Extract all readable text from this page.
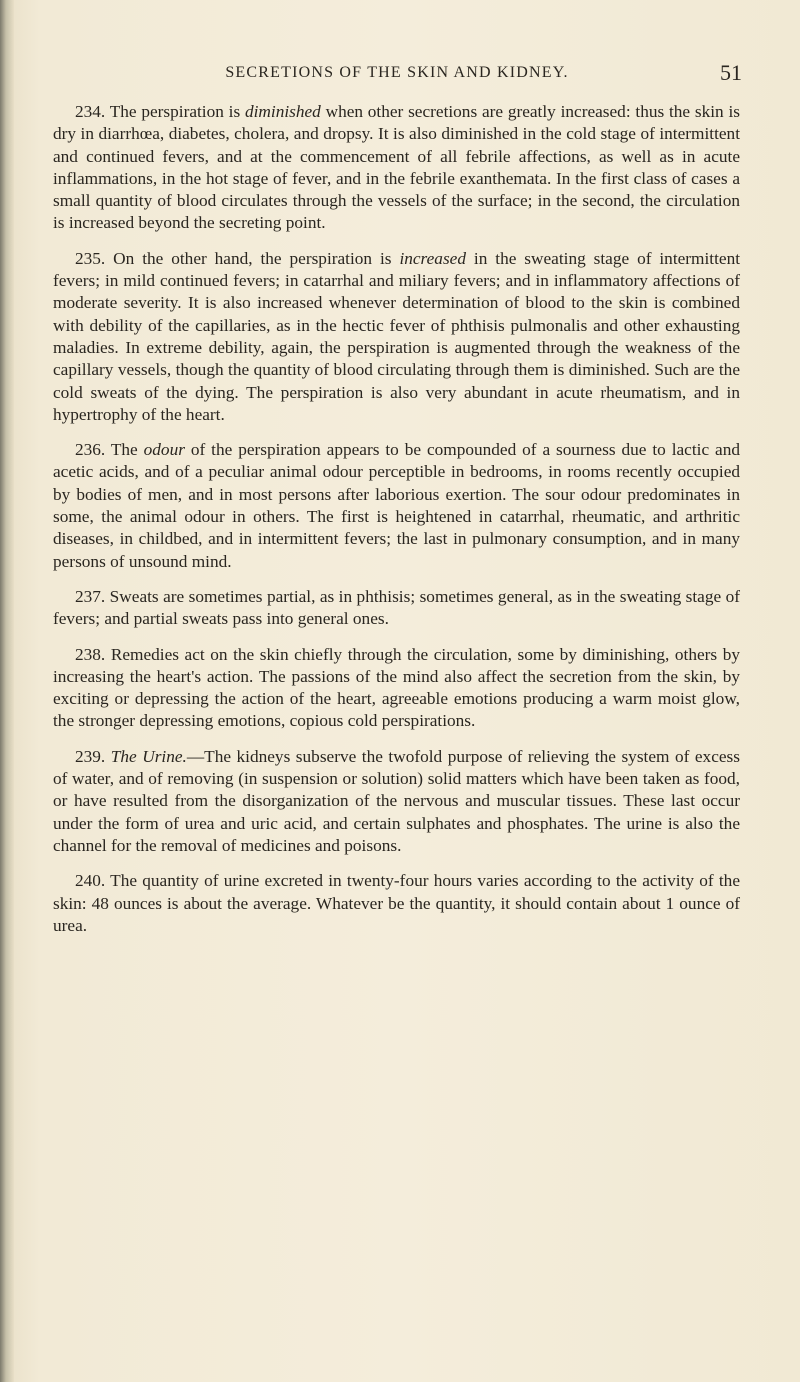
SECRETIONS OF THE SKIN AND KIDNEY.	51

234. The perspiration is diminished when other secretions are greatly increased: thus the skin is dry in diarrhœa, diabetes, cholera, and dropsy. It is also diminished in the cold stage of intermittent and continued fevers, and at the commencement of all febrile affections, as well as in acute inflammations, in the hot stage of fever, and in the febrile exanthemata. In the first class of cases a small quantity of blood circulates through the vessels of the surface; in the second, the circulation is increased beyond the secreting point.

235. On the other hand, the perspiration is increased in the sweating stage of intermittent fevers; in mild continued fevers; in catarrhal and miliary fevers; and in inflammatory affections of moderate severity. It is also increased whenever determination of blood to the skin is combined with debility of the capillaries, as in the hectic fever of phthisis pulmonalis and other exhausting maladies. In extreme debility, again, the perspiration is augmented through the weakness of the capillary vessels, though the quantity of blood circulating through them is diminished. Such are the cold sweats of the dying. The perspiration is also very abundant in acute rheumatism, and in hypertrophy of the heart.

236. The odour of the perspiration appears to be compounded of a sourness due to lactic and acetic acids, and of a peculiar animal odour perceptible in bedrooms, in rooms recently occupied by bodies of men, and in most persons after laborious exertion. The sour odour predominates in some, the animal odour in others. The first is heightened in catarrhal, rheumatic, and arthritic diseases, in childbed, and in intermittent fevers; the last in pulmonary consumption, and in many persons of unsound mind.

237. Sweats are sometimes partial, as in phthisis; sometimes general, as in the sweating stage of fevers; and partial sweats pass into general ones.

238. Remedies act on the skin chiefly through the circulation, some by diminishing, others by increasing the heart's action. The passions of the mind also affect the secretion from the skin, by exciting or depressing the action of the heart, agreeable emotions producing a warm moist glow, the stronger depressing emotions, copious cold perspirations.

239. The Urine.—The kidneys subserve the twofold purpose of relieving the system of excess of water, and of removing (in suspension or solution) solid matters which have been taken as food, or have resulted from the disorganization of the nervous and muscular tissues. These last occur under the form of urea and uric acid, and certain sulphates and phosphates. The urine is also the channel for the removal of medicines and poisons.

240. The quantity of urine excreted in twenty-four hours varies according to the activity of the skin: 48 ounces is about the average. Whatever be the quantity, it should contain about 1 ounce of urea.
